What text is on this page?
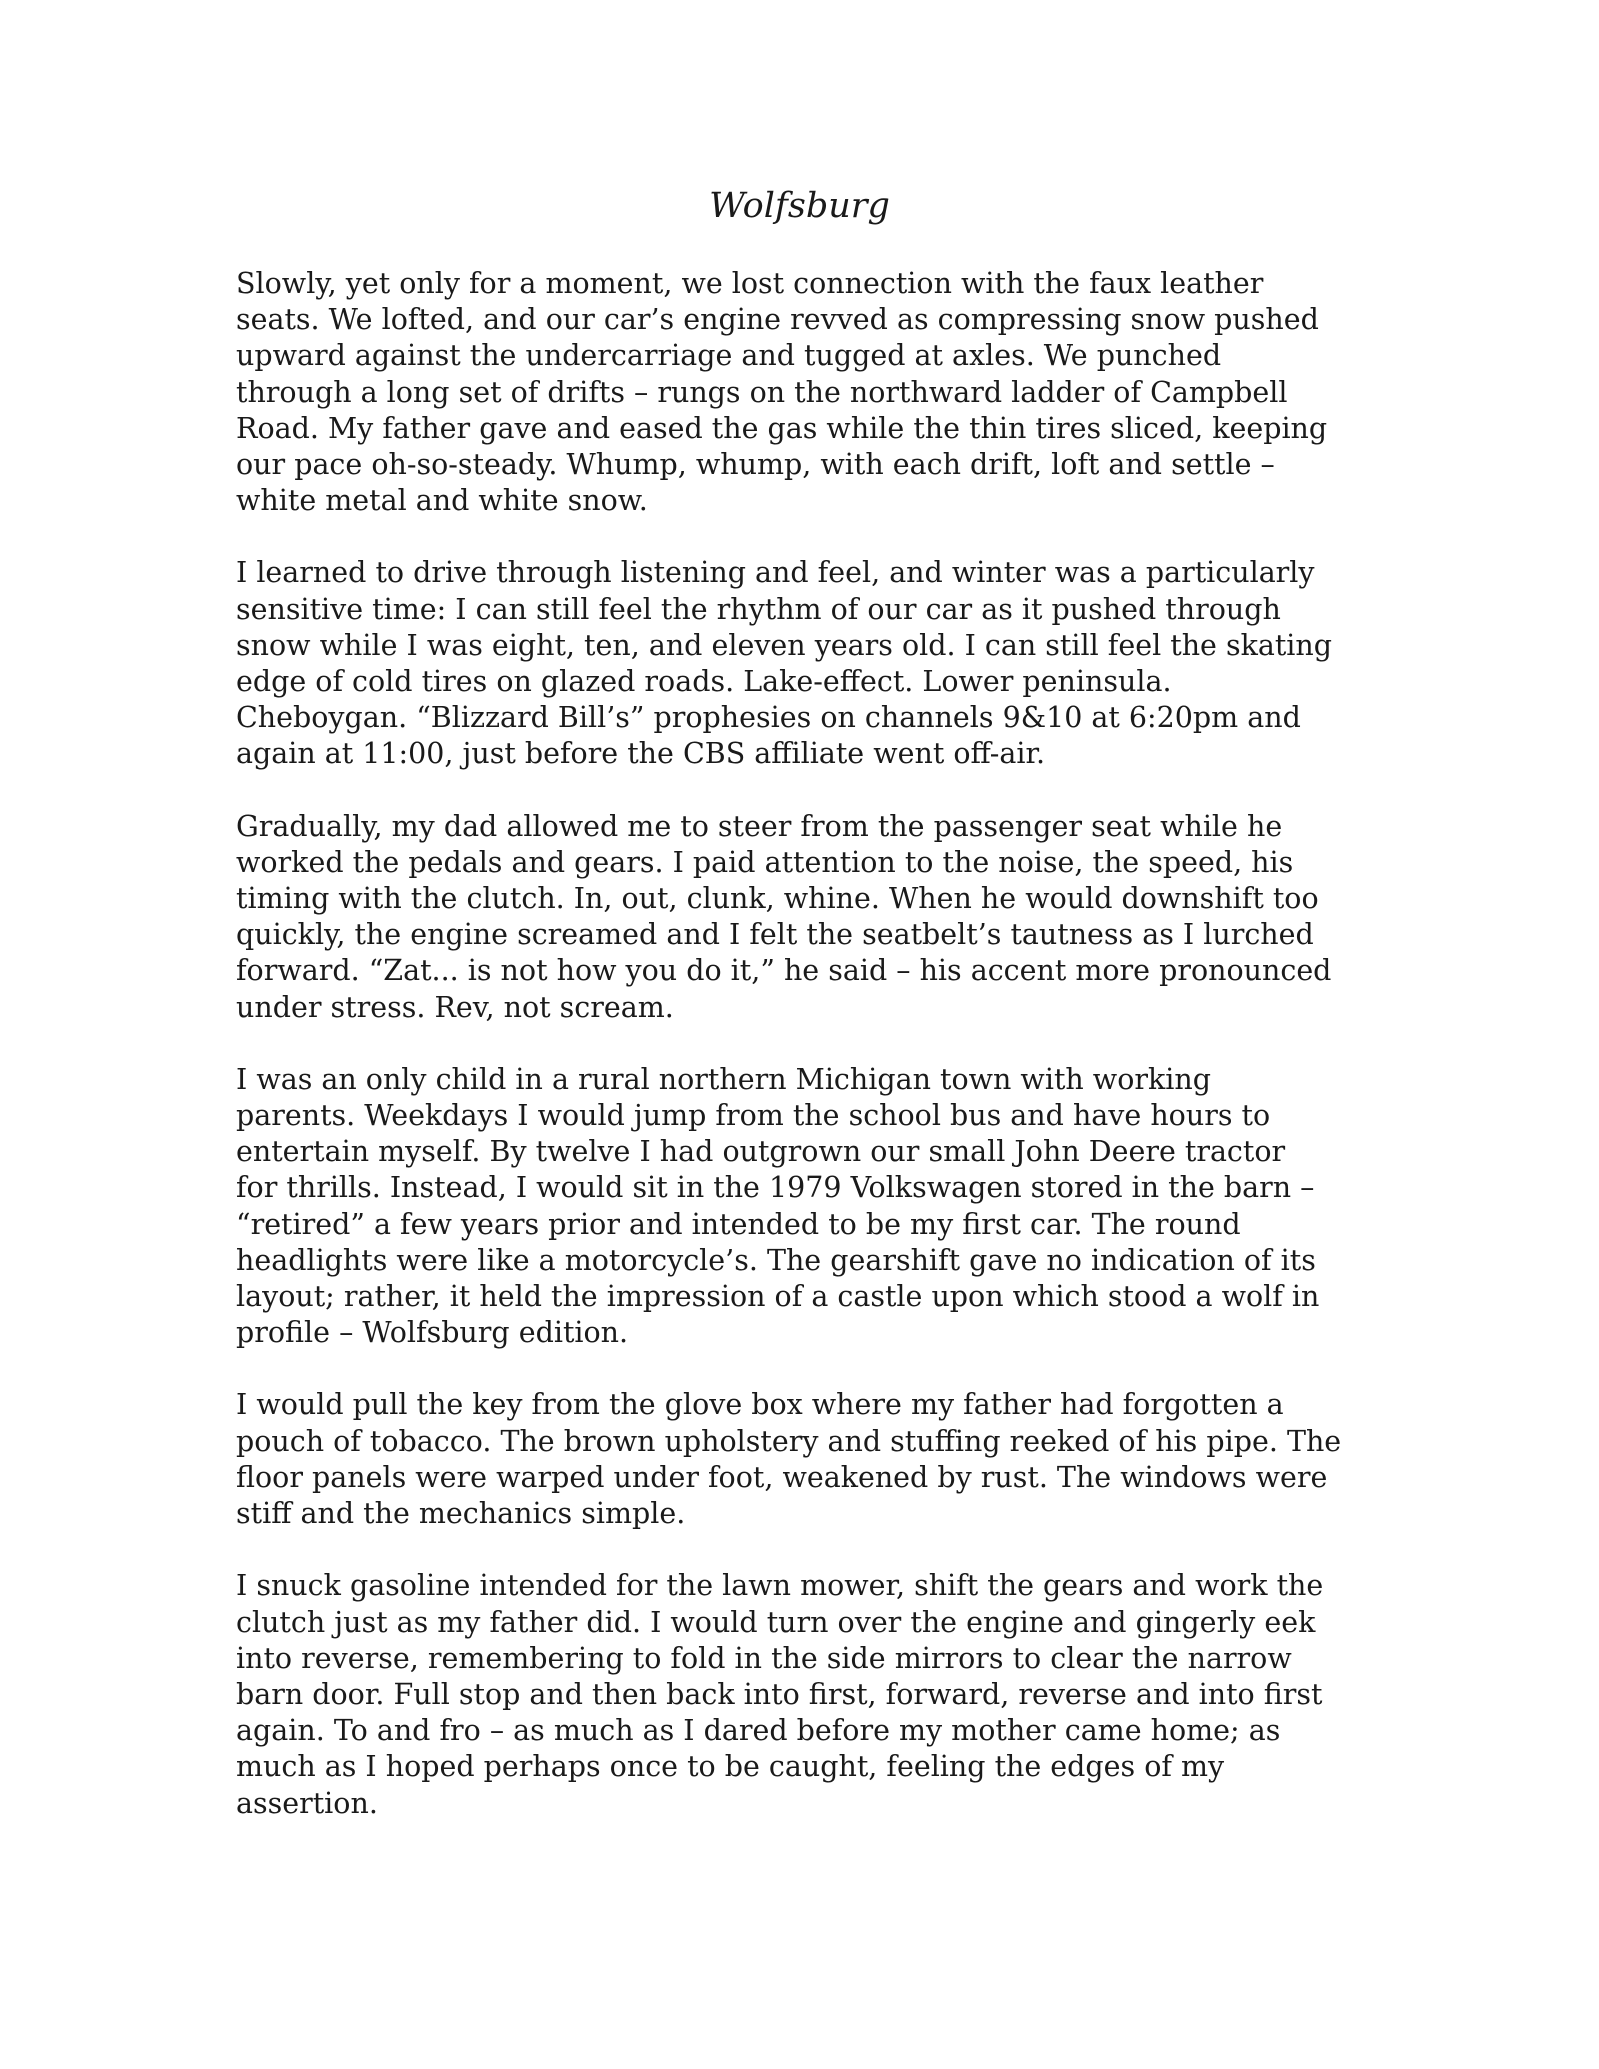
Wolfsburg

Slowly, yet only for a moment, we lost connection with the faux leather
seats. We lofted, and our car’s engine revved as compressing snow pushed
upward against the undercarriage and tugged at axles. We punched
through a long set of drifts – rungs on the northward ladder of Campbell
Road. My father gave and eased the gas while the thin tires sliced, keeping
our pace oh-so-steady. Whump, whump, with each drift, loft and settle –
white metal and white snow.

I learned to drive through listening and feel, and winter was a particularly
sensitive time: I can still feel the rhythm of our car as it pushed through
snow while I was eight, ten, and eleven years old. I can still feel the skating
edge of cold tires on glazed roads. Lake-effect. Lower peninsula.
Cheboygan. “Blizzard Bill’s” prophesies on channels 9&10 at 6:20pm and
again at 11:00, just before the CBS affiliate went off-air.

Gradually, my dad allowed me to steer from the passenger seat while he
worked the pedals and gears. I paid attention to the noise, the speed, his
timing with the clutch. In, out, clunk, whine. When he would downshift too
quickly, the engine screamed and I felt the seatbelt’s tautness as I lurched
forward. “Zat... is not how you do it,” he said – his accent more pronounced
under stress. Rev, not scream.

I was an only child in a rural northern Michigan town with working
parents. Weekdays I would jump from the school bus and have hours to
entertain myself. By twelve I had outgrown our small John Deere tractor
for thrills. Instead, I would sit in the 1979 Volkswagen stored in the barn –
“retired” a few years prior and intended to be my first car. The round
headlights were like a motorcycle’s. The gearshift gave no indication of its
layout; rather, it held the impression of a castle upon which stood a wolf in
profile – Wolfsburg edition.

I would pull the key from the glove box where my father had forgotten a
pouch of tobacco. The brown upholstery and stuffing reeked of his pipe. The
floor panels were warped under foot, weakened by rust. The windows were
stiff and the mechanics simple.

I snuck gasoline intended for the lawn mower, shift the gears and work the
clutch just as my father did. I would turn over the engine and gingerly eek
into reverse, remembering to fold in the side mirrors to clear the narrow
barn door. Full stop and then back into first, forward, reverse and into first
again. To and fro – as much as I dared before my mother came home; as
much as I hoped perhaps once to be caught, feeling the edges of my
assertion.
